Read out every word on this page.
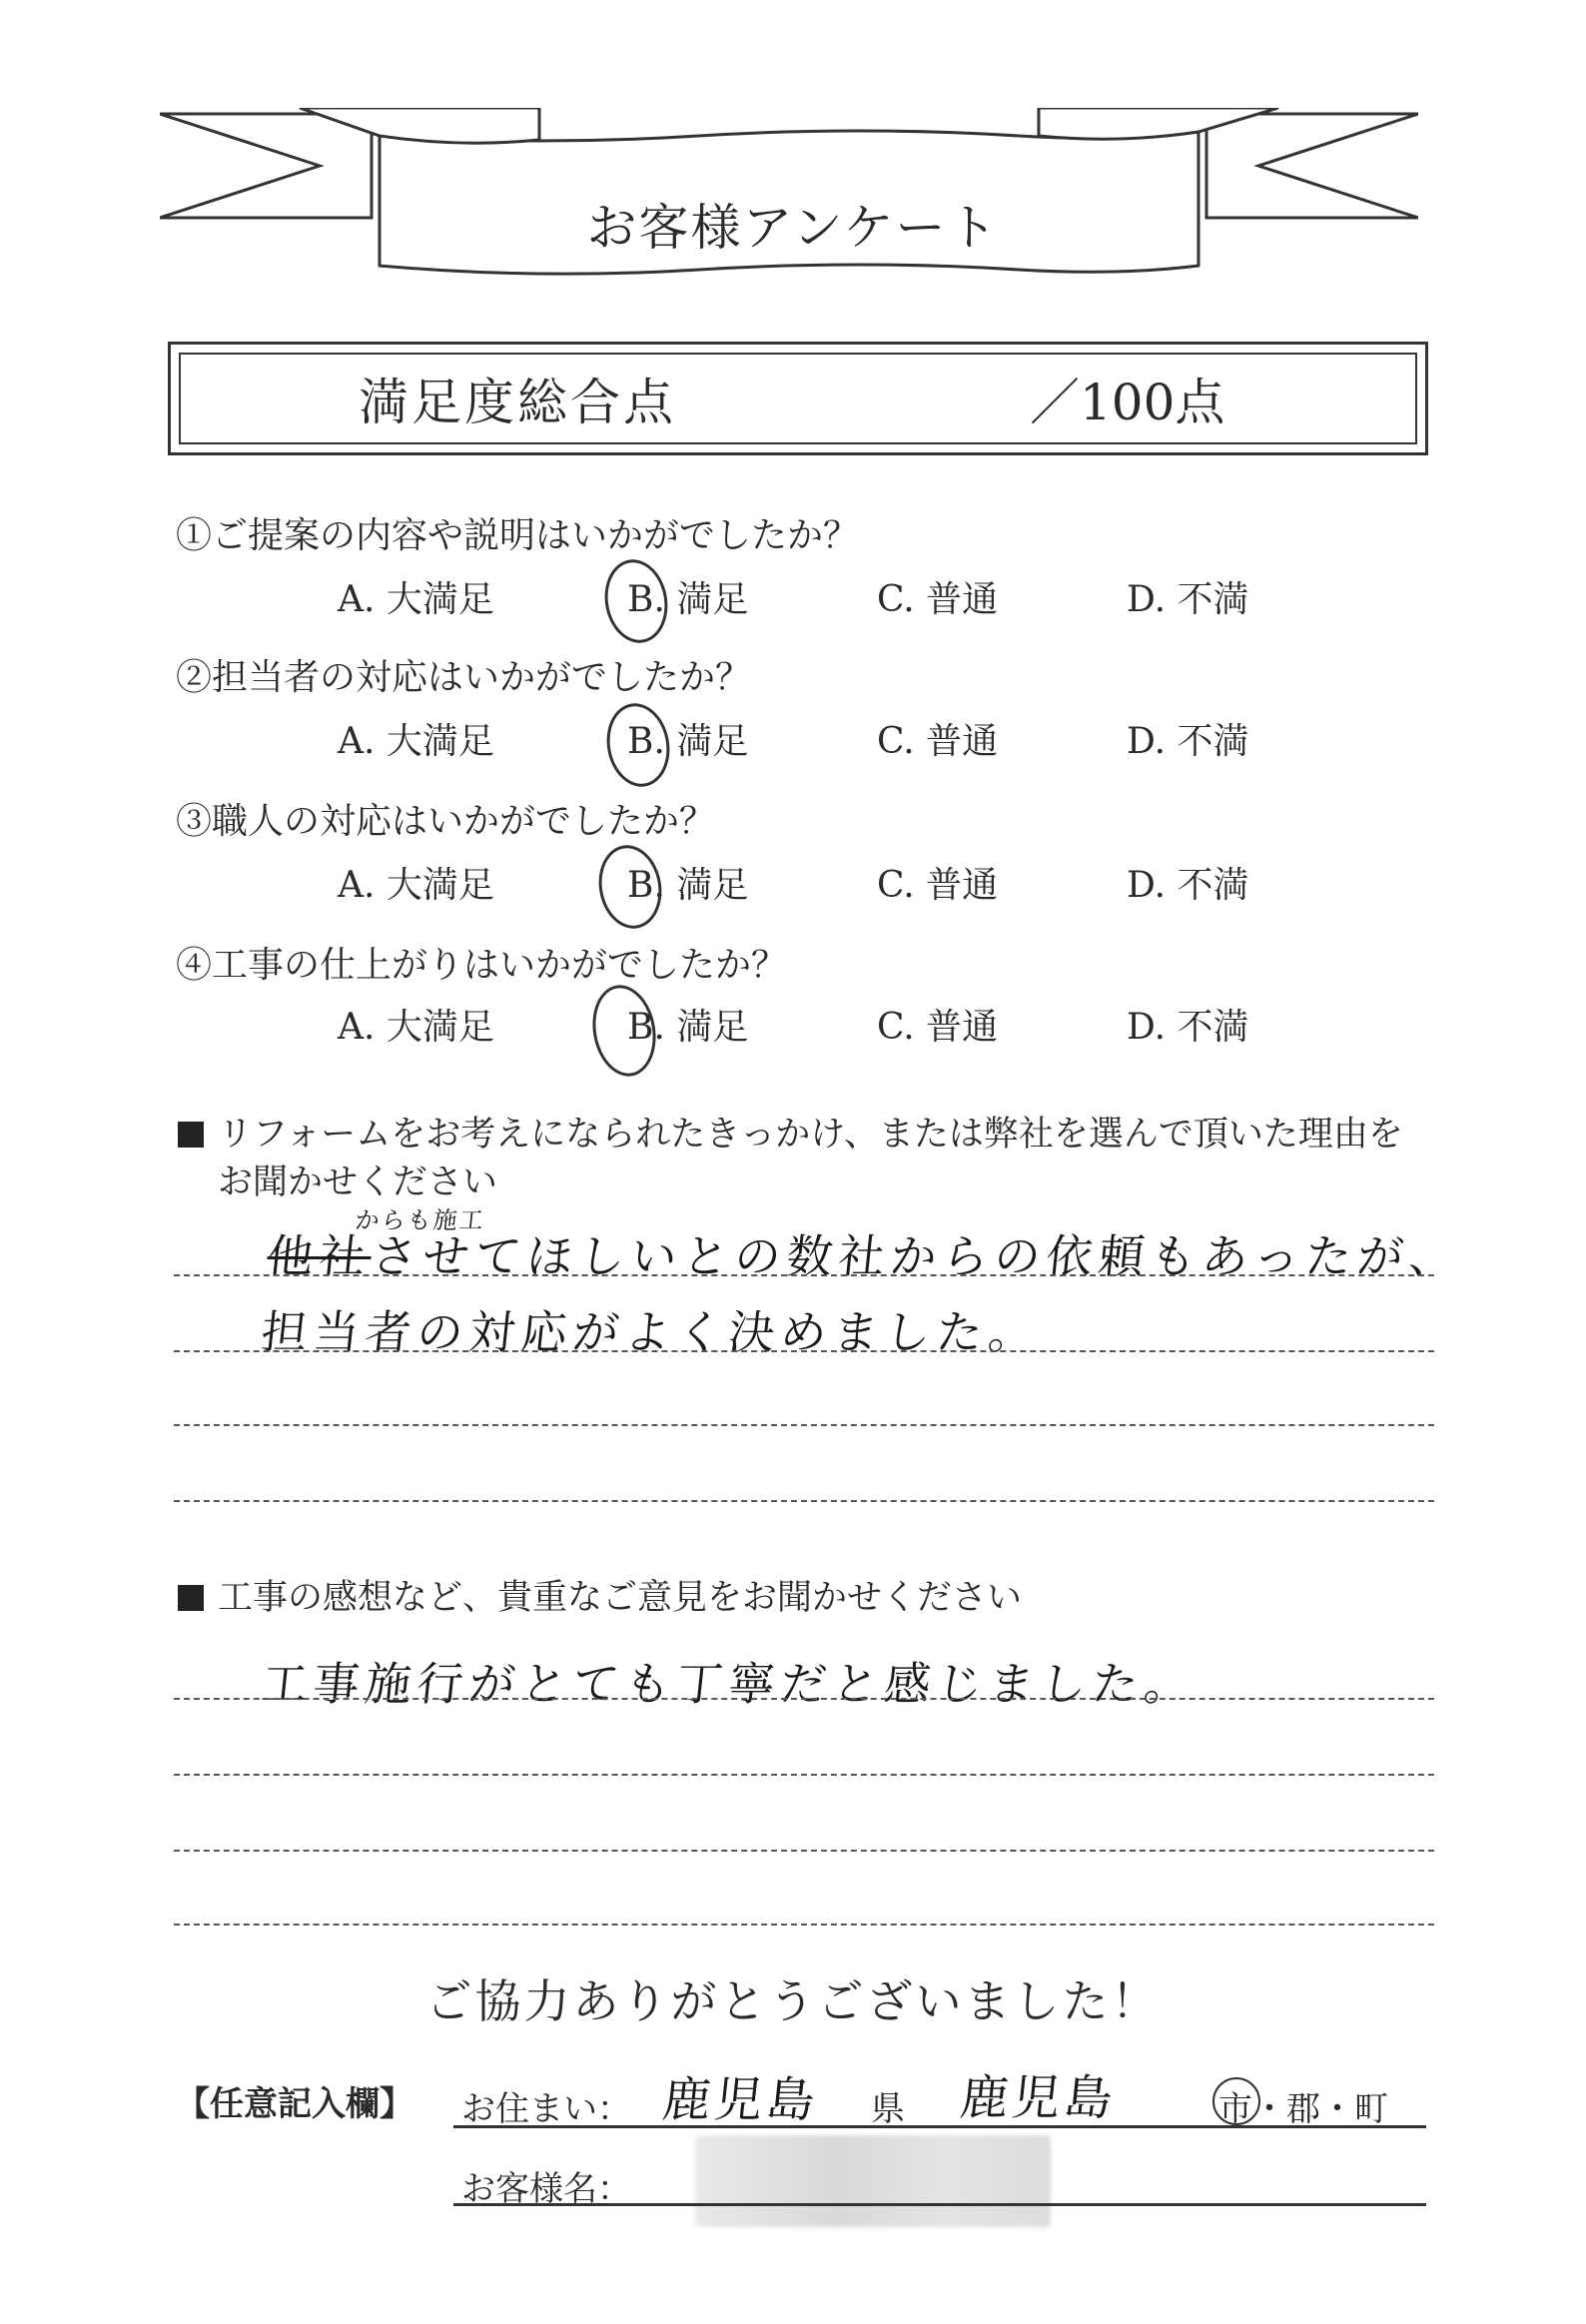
お客様アンケート
満足度総合点	／100点
①ご提案の内容や説明はいかがでしたか？
A. 大満足	B. 満足	C. 普通	D. 不満
②担当者の対応はいかがでしたか？
A. 大満足	B. 満足	C. 普通	D. 不満
③職人の対応はいかがでしたか？
A. 大満足	B. 満足	C. 普通	D. 不満
④工事の仕上がりはいかがでしたか？
A. 大満足	B. 満足	C. 普通	D. 不満
リフォームをお考えになられたきっかけ、または弊社を選んで頂いた理由を
お聞かせください
からも施工
他社させてほしいとの数社からの依頼もあったが、
担当者の対応がよく決めました。
工事の感想など、貴重なご意見をお聞かせください
工事施行がとても丁寧だと感じました。
ご協力ありがとうございました！
【任意記入欄】 お住まい： 鹿児島 県 鹿児島	市・郡・町
お客様名：
